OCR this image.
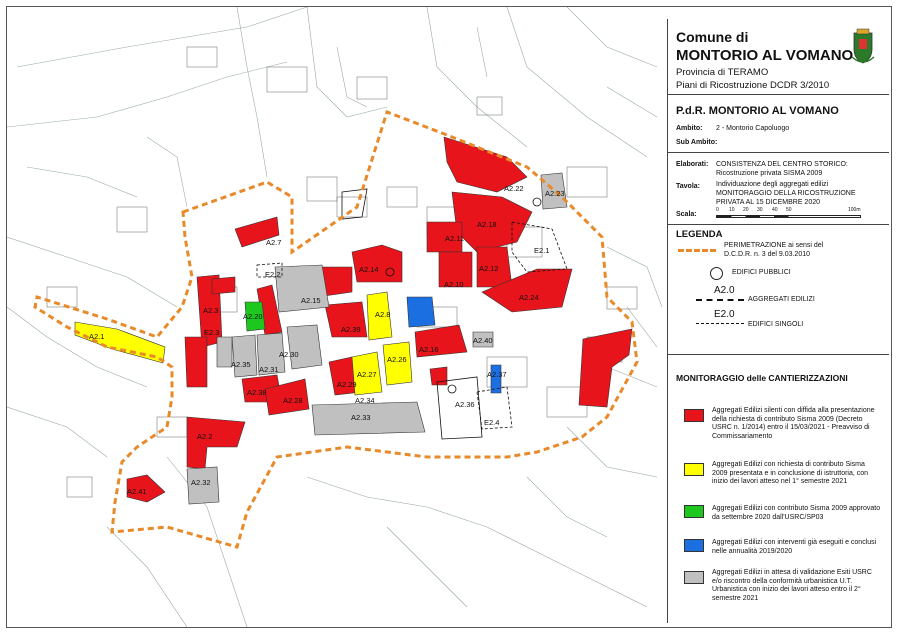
A2.1
A2.2
A2.3
A2.7
A2.8
A2.10
A2.11
A2.12
A2.14
A2.15
A2.16
A2.18
A2.20
A2.22
A2.23
A2.24
A2.26
A2.27
A2.28
A2.29
A2.30
A2.31
A2.32
A2.33
A2.34
A2.35
A2.36
A2.37
A2.38
A2.39
A2.40
A2.41
E2.1
E2.2
E2.3
E2.4
Comune di
MONTORIO AL VOMANO
Provincia di TERAMO
Piani di Ricostruzione DCDR 3/2010
P.d.R. MONTORIO AL VOMANO
Ambito: 2 - Montorio Capoluogo
Sub Ambito:
Elaborati: CONSISTENZA DEL CENTRO STORICO:
Ricostruzione privata SISMA 2009
Tavola: Individuazione degli aggregati edilizi
MONITORAGGIO DELLA RICOSTRUZIONE
PRIVATA AL 15 DICEMBRE 2020
Scala:
0 10 20 30 40 50	100m
LEGENDA
PERIMETRAZIONE ai sensi del
D.C.D.R. n. 3 del 9.03.2010
EDIFICI PUBBLICI
A2.0
AGGREGATI EDILIZI
E2.0
EDIFICI SINGOLI
MONITORAGGIO delle CANTIERIZZAZIONI
Aggregati Edilizi silenti con diffida alla presentazione della richiesta di contributo Sisma 2009 (Decreto USRC n. 1/2014) entro il 15/03/2021 - Preavviso di Commissariamento
Aggregati Edilizi con richiesta di contributo Sisma 2009 presentata e in conclusione di istruttoria, con inizio dei lavori atteso nel 1° semestre 2021
Aggregati Edilizi con contributo Sisma 2009 approvato da settembre 2020 dall'USRC/SP03
Aggregati Edilizi con interventi già eseguiti e conclusi nelle annualità 2019/2020
Aggregati Edilizi in attesa di validazione Esiti USRC e/o riscontro della conformità urbanistica U.T. Urbanistica con inizio dei lavori atteso entro il 2° semestre 2021
